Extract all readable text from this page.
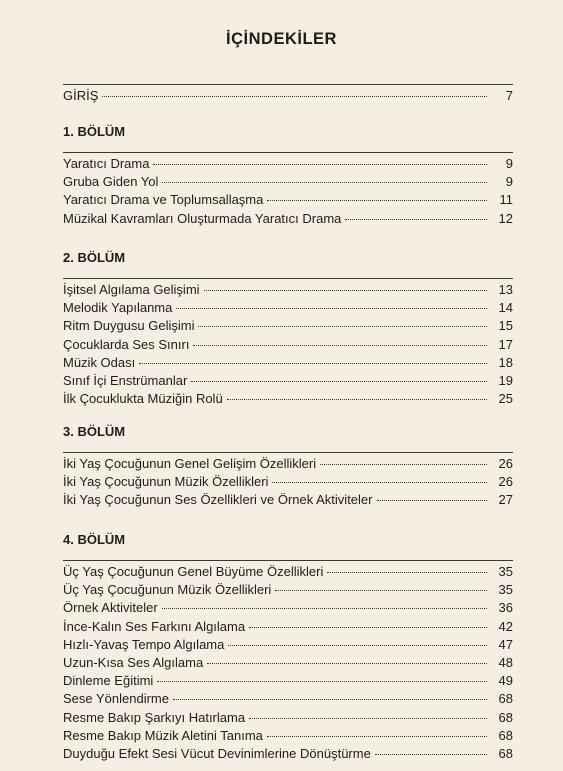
İÇİNDEKİLER
GİRİŞ	7
1. BÖLÜM
Yaratıcı Drama	9
Gruba Giden Yol	9
Yaratıcı Drama ve Toplumsallaşma	11
Müzikal Kavramları Oluşturmada Yaratıcı Drama	12
2. BÖLÜM
İşitsel Algılama Gelişimi	13
Melodik Yapılanma	14
Ritm Duygusu Gelişimi	15
Çocuklarda Ses Sınırı	17
Müzik Odası	18
Sınıf İçi Enstrümanlar	19
İlk Çocuklukta Müziğin Rolü	25
3. BÖLÜM
İki Yaş Çocuğunun Genel Gelişim Özellikleri	26
İki Yaş Çocuğunun Müzik Özellikleri	26
İki Yaş Çocuğunun Ses Özellikleri ve Örnek Aktiviteler	27
4. BÖLÜM
Üç Yaş Çocuğunun Genel Büyüme Özellikleri	35
Üç Yaş Çocuğunun Müzik Özellikleri	35
Örnek Aktiviteler	36
İnce-Kalın Ses Farkını Algılama	42
Hızlı-Yavaş Tempo Algılama	47
Uzun-Kısa Ses Algılama	48
Dinleme Eğitimi	49
Sese Yönlendirme	68
Resme Bakıp Şarkıyı Hatırlama	68
Resme Bakıp Müzik Aletini Tanıma	68
Duyduğu Efekt Sesi Vücut Devinimlerine Dönüştürme	68
